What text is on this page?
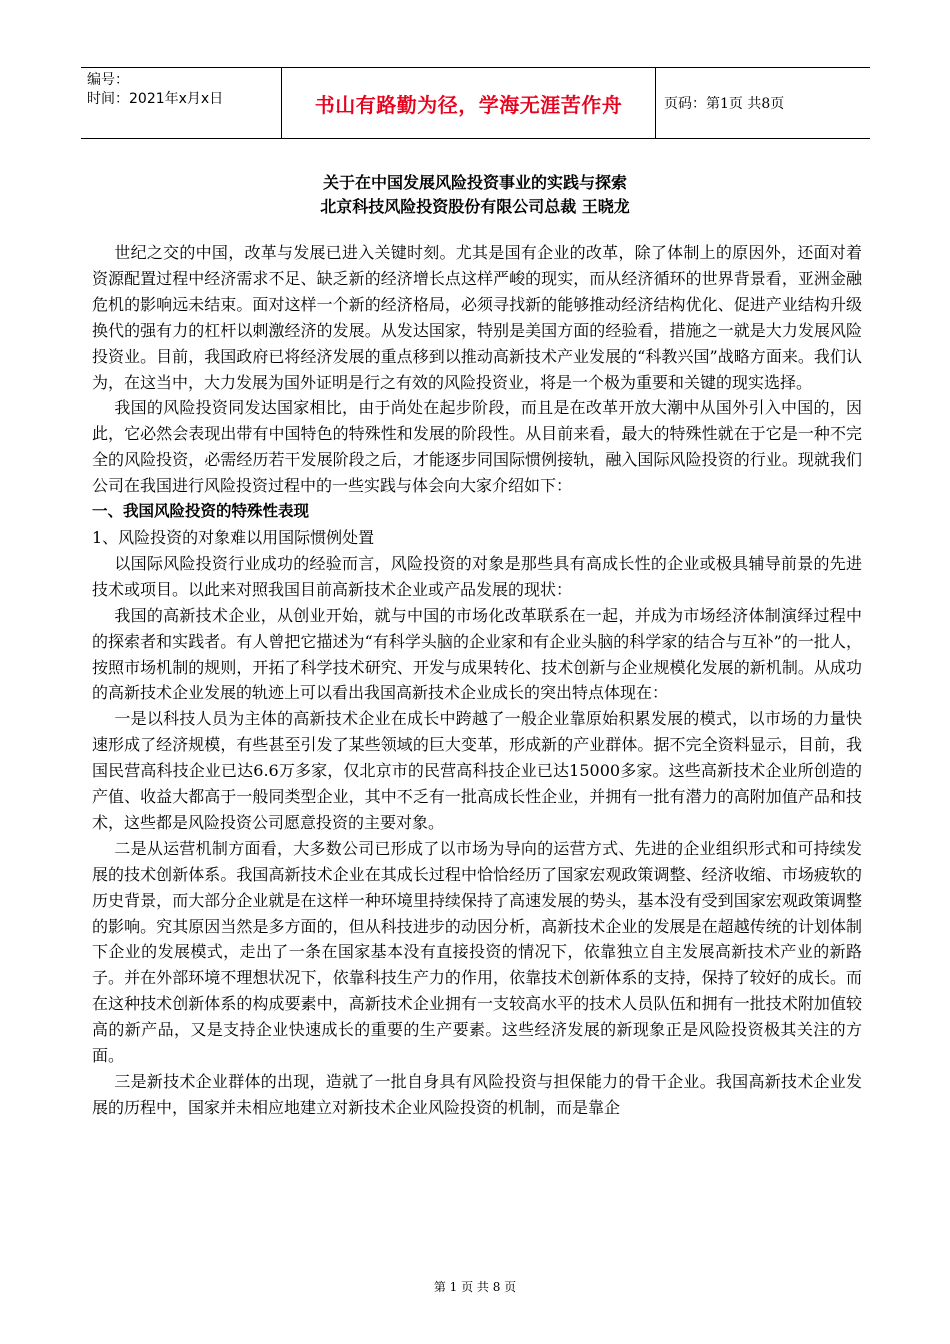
编号：
时间：2021年x月x日	书山有路勤为径，学海无涯苦作舟	页码：第1页 共8页
关于在中国发展风险投资事业的实践与探索
北京科技风险投资股份有限公司总裁 王晓龙

世纪之交的中国，改革与发展已进入关键时刻。尤其是国有企业的改革，除了体制上的原因外，还面对着资源配置过程中经济需求不足、缺乏新的经济增长点这样严峻的现实，而从经济循环的世界背景看，亚洲金融危机的影响远未结束。面对这样一个新的经济格局，必须寻找新的能够推动经济结构优化、促进产业结构升级换代的强有力的杠杆以刺激经济的发展。从发达国家，特别是美国方面的经验看，措施之一就是大力发展风险投资业。目前，我国政府已将经济发展的重点移到以推动高新技术产业发展的“科教兴国”战略方面来。我们认为，在这当中，大力发展为国外证明是行之有效的风险投资业，将是一个极为重要和关键的现实选择。

我国的风险投资同发达国家相比，由于尚处在起步阶段，而且是在改革开放大潮中从国外引入中国的，因此，它必然会表现出带有中国特色的特殊性和发展的阶段性。从目前来看，最大的特殊性就在于它是一种不完全的风险投资，必需经历若干发展阶段之后，才能逐步同国际惯例接轨，融入国际风险投资的行业。现就我们公司在我国进行风险投资过程中的一些实践与体会向大家介绍如下：

一、我国风险投资的特殊性表现

1、风险投资的对象难以用国际惯例处置

以国际风险投资行业成功的经验而言，风险投资的对象是那些具有高成长性的企业或极具辅导前景的先进技术或项目。以此来对照我国目前高新技术企业或产品发展的现状：

我国的高新技术企业，从创业开始，就与中国的市场化改革联系在一起，并成为市场经济体制演绎过程中的探索者和实践者。有人曾把它描述为“有科学头脑的企业家和有企业头脑的科学家的结合与互补”的一批人，按照市场机制的规则，开拓了科学技术研究、开发与成果转化、技术创新与企业规模化发展的新机制。从成功的高新技术企业发展的轨迹上可以看出我国高新技术企业成长的突出特点体现在：

一是以科技人员为主体的高新技术企业在成长中跨越了一般企业靠原始积累发展的模式，以市场的力量快速形成了经济规模，有些甚至引发了某些领域的巨大变革，形成新的产业群体。据不完全资料显示，目前，我国民营高科技企业已达6.6万多家，仅北京市的民营高科技企业已达15000多家。这些高新技术企业所创造的产值、收益大都高于一般同类型企业，其中不乏有一批高成长性企业，并拥有一批有潜力的高附加值产品和技术，这些都是风险投资公司愿意投资的主要对象。

二是从运营机制方面看，大多数公司已形成了以市场为导向的运营方式、先进的企业组织形式和可持续发展的技术创新体系。我国高新技术企业在其成长过程中恰恰经历了国家宏观政策调整、经济收缩、市场疲软的历史背景，而大部分企业就是在这样一种环境里持续保持了高速发展的势头，基本没有受到国家宏观政策调整的影响。究其原因当然是多方面的，但从科技进步的动因分析，高新技术企业的发展是在超越传统的计划体制下企业的发展模式，走出了一条在国家基本没有直接投资的情况下，依靠独立自主发展高新技术产业的新路子。并在外部环境不理想状况下，依靠科技生产力的作用，依靠技术创新体系的支持，保持了较好的成长。而在这种技术创新体系的构成要素中，高新技术企业拥有一支较高水平的技术人员队伍和拥有一批技术附加值较高的新产品，又是支持企业快速成长的重要的生产要素。这些经济发展的新现象正是风险投资极其关注的方面。

三是新技术企业群体的出现，造就了一批自身具有风险投资与担保能力的骨干企业。我国高新技术企业发展的历程中，国家并未相应地建立对新技术企业风险投资的机制，而是靠企

第 1 页 共 8 页
